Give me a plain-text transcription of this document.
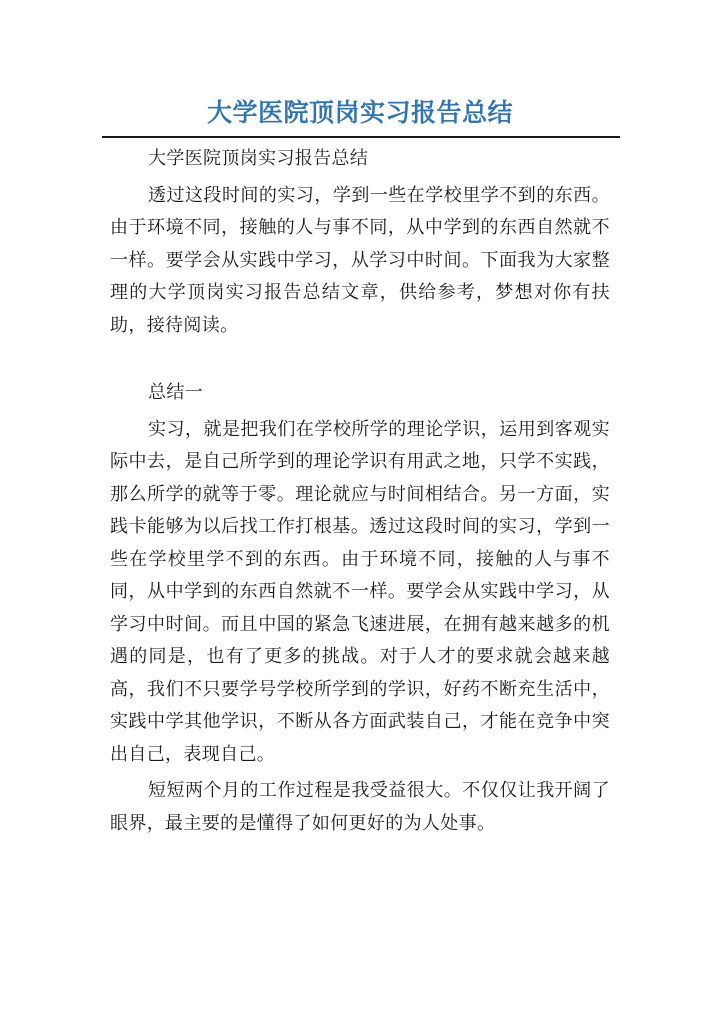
大学医院顶岗实习报告总结

大学医院顶岗实习报告总结

透过这段时间的实习，学到一些在学校里学不到的东西。由于环境不同，接触的人与事不同，从中学到的东西自然就不一样。要学会从实践中学习，从学习中时间。下面我为大家整理的大学顶岗实习报告总结文章，供给参考，梦想对你有扶助，接待阅读。

总结一

实习，就是把我们在学校所学的理论学识，运用到客观实际中去，是自己所学到的理论学识有用武之地，只学不实践，那么所学的就等于零。理论就应与时间相结合。另一方面，实践卡能够为以后找工作打根基。透过这段时间的实习，学到一些在学校里学不到的东西。由于环境不同，接触的人与事不同，从中学到的东西自然就不一样。要学会从实践中学习，从学习中时间。而且中国的紧急飞速进展，在拥有越来越多的机遇的同是，也有了更多的挑战。对于人才的要求就会越来越高，我们不只要学号学校所学到的学识，好药不断充生活中，实践中学其他学识，不断从各方面武装自己，才能在竞争中突出自己，表现自己。

短短两个月的工作过程是我受益很大。不仅仅让我开阔了眼界，最主要的是懂得了如何更好的为人处事。
